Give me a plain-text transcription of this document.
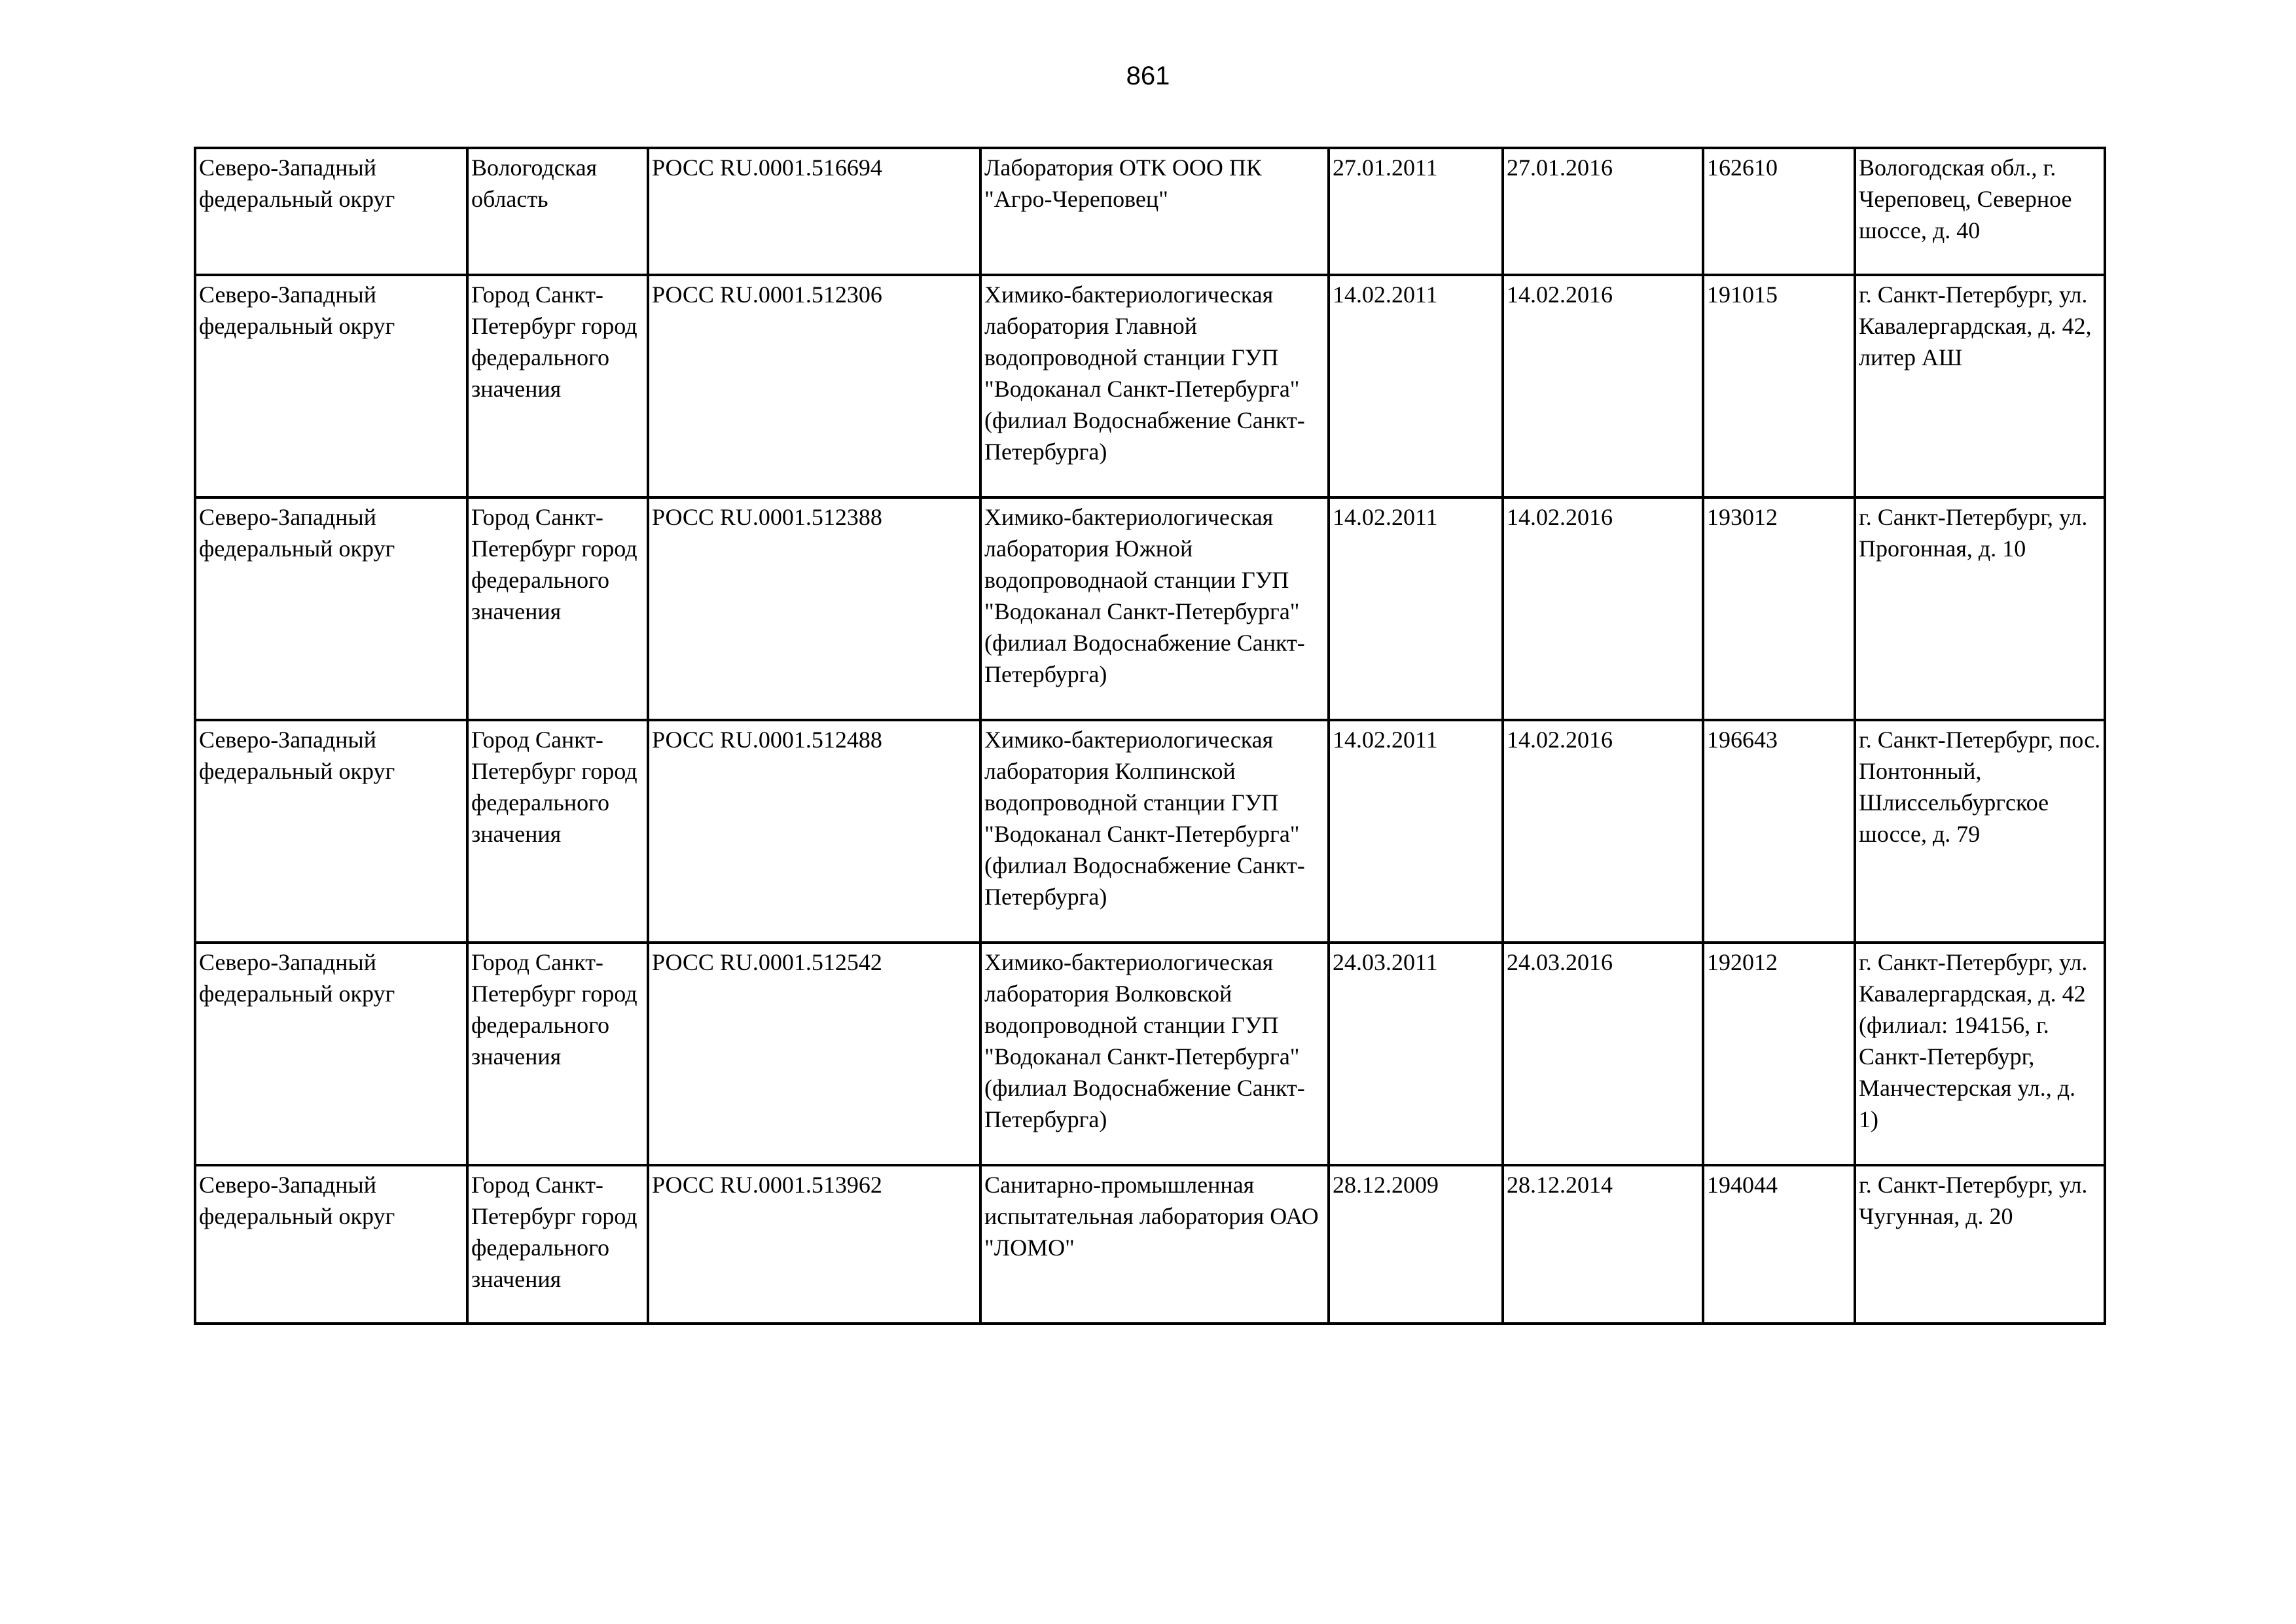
861
Северо-Западный федеральный округ	Вологодская область	РОСС RU.0001.516694	Лаборатория ОТК ООО ПК "Агро-Череповец"	27.01.2011	27.01.2016	162610	Вологодская обл., г. Череповец, Северное шоссе, д. 40
Северо-Западный федеральный округ	Город Санкт-Петербург город федерального значения	РОСС RU.0001.512306	Химико-бактериологическая лаборатория Главной водопроводной станции ГУП "Водоканал Санкт-Петербурга" (филиал Водоснабжение Санкт-Петербурга)	14.02.2011	14.02.2016	191015	г. Санкт-Петербург, ул. Кавалергардская, д. 42, литер АШ
Северо-Западный федеральный округ	Город Санкт-Петербург город федерального значения	РОСС RU.0001.512388	Химико-бактериологическая лаборатория Южной водопроводнаой станции ГУП "Водоканал Санкт-Петербурга" (филиал Водоснабжение Санкт-Петербурга)	14.02.2011	14.02.2016	193012	г. Санкт-Петербург, ул. Прогонная, д. 10
Северо-Западный федеральный округ	Город Санкт-Петербург город федерального значения	РОСС RU.0001.512488	Химико-бактериологическая лаборатория Колпинской водопроводной станции ГУП "Водоканал Санкт-Петербурга" (филиал Водоснабжение Санкт-Петербурга)	14.02.2011	14.02.2016	196643	г. Санкт-Петербург, пос. Понтонный, Шлиссельбургское шоссе, д. 79
Северо-Западный федеральный округ	Город Санкт-Петербург город федерального значения	РОСС RU.0001.512542	Химико-бактериологическая лаборатория Волковской водопроводной станции ГУП "Водоканал Санкт-Петербурга" (филиал Водоснабжение Санкт-Петербурга)	24.03.2011	24.03.2016	192012	г. Санкт-Петербург, ул. Кавалергардская, д. 42 (филиал: 194156, г. Санкт-Петербург, Манчестерская ул., д. 1)
Северо-Западный федеральный округ	Город Санкт-Петербург город федерального значения	РОСС RU.0001.513962	Санитарно-промышленная испытательная лаборатория ОАО "ЛОМО"	28.12.2009	28.12.2014	194044	г. Санкт-Петербург, ул. Чугунная, д. 20
